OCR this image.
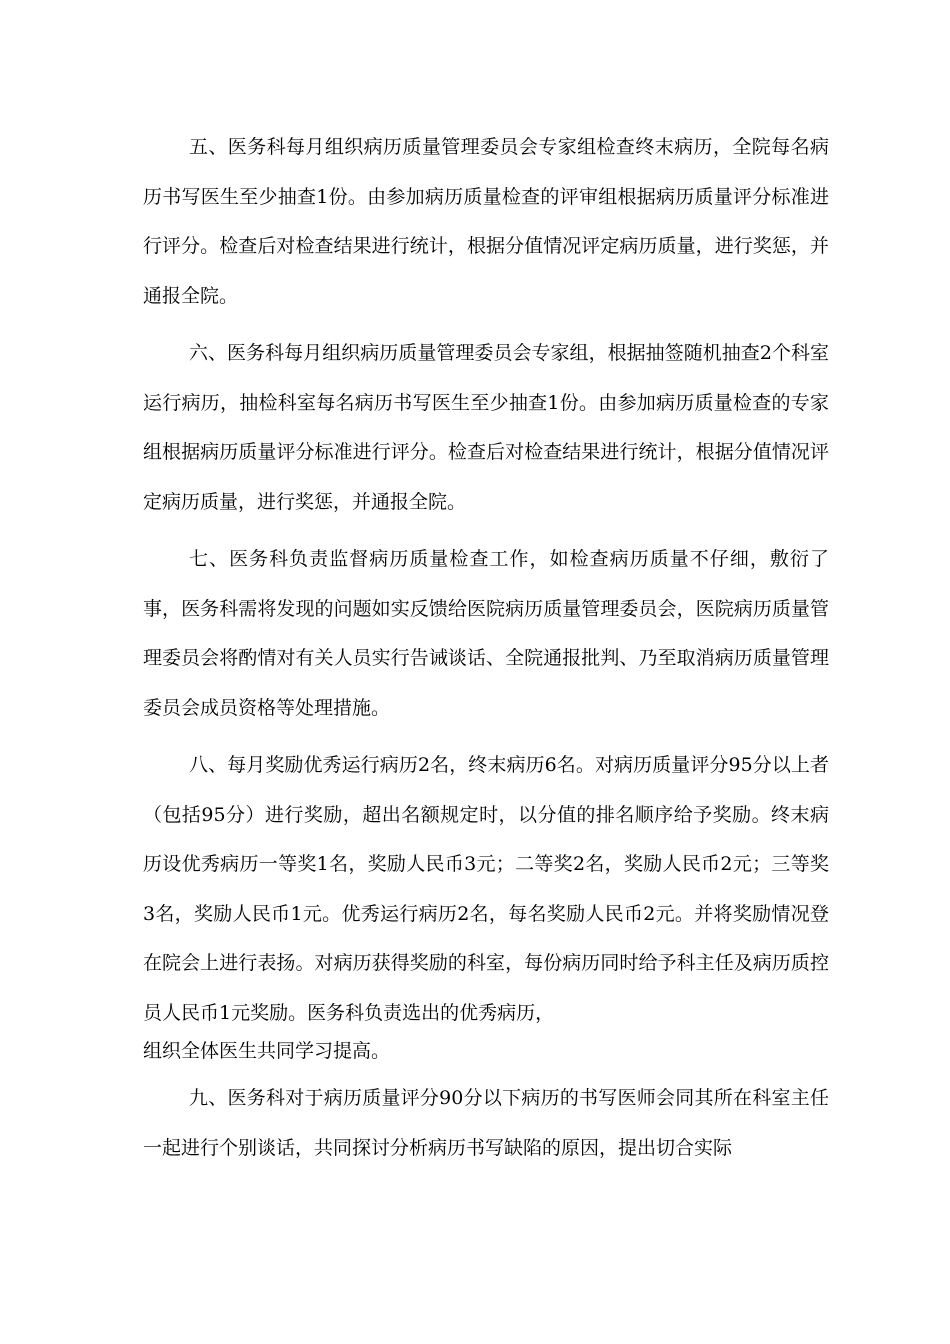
五、医务科每月组织病历质量管理委员会专家组检查终末病历，全院每名病历书写医生至少抽查1份。由参加病历质量检查的评审组根据病历质量评分标准进行评分。检查后对检查结果进行统计，根据分值情况评定病历质量，进行奖惩，并通报全院。

六、医务科每月组织病历质量管理委员会专家组，根据抽签随机抽查2个科室运行病历，抽检科室每名病历书写医生至少抽查1份。由参加病历质量检查的专家组根据病历质量评分标准进行评分。检查后对检查结果进行统计，根据分值情况评定病历质量，进行奖惩，并通报全院。

七、医务科负责监督病历质量检查工作，如检查病历质量不仔细，敷衍了事，医务科需将发现的问题如实反馈给医院病历质量管理委员会，医院病历质量管理委员会将酌情对有关人员实行告诫谈话、全院通报批判、乃至取消病历质量管理委员会成员资格等处理措施。

八、每月奖励优秀运行病历2名，终末病历6名。对病历质量评分95分以上者（包括95分）进行奖励，超出名额规定时，以分值的排名顺序给予奖励。终末病历设优秀病历一等奖1名，奖励人民币3元；二等奖2名，奖励人民币2元；三等奖3名，奖励人民币1元。优秀运行病历2名，每名奖励人民币2元。并将奖励情况登在院会上进行表扬。对病历获得奖励的科室，每份病历同时给予科主任及病历质控员人民币1元奖励。医务科负责选出的优秀病历，

组织全体医生共同学习提高。

九、医务科对于病历质量评分90分以下病历的书写医师会同其所在科室主任一起进行个别谈话，共同探讨分析病历书写缺陷的原因，提出切合实际
